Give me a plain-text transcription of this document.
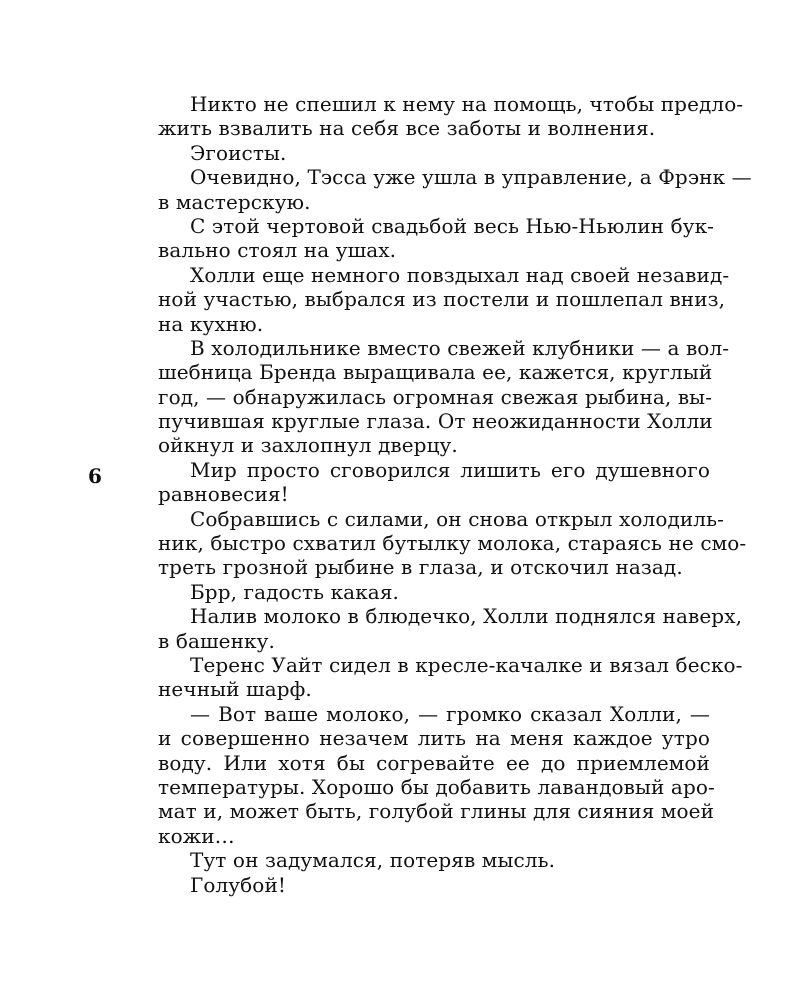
6
Никто не спешил к нему на помощь, чтобы предло-
жить взвалить на себя все заботы и волнения.
Эгоисты.
Очевидно, Тэсса уже ушла в управление, а Фрэнк —
в мастерскую.
С этой чертовой свадьбой весь Нью-Ньюлин бук-
вально стоял на ушах.
Холли еще немного повздыхал над своей незавид-
ной участью, выбрался из постели и пошлепал вниз,
на кухню.
В холодильнике вместо свежей клубники — а вол-
шебница Бренда выращивала ее, кажется, круглый
год, — обнаружилась огромная свежая рыбина, вы-
пучившая круглые глаза. От неожиданности Холли
ойкнул и захлопнул дверцу.
Мир просто сговорился лишить его душевного
равновесия!
Собравшись с силами, он снова открыл холодиль-
ник, быстро схватил бутылку молока, стараясь не смо-
треть грозной рыбине в глаза, и отскочил назад.
Брр, гадость какая.
Налив молоко в блюдечко, Холли поднялся наверх,
в башенку.
Теренс Уайт сидел в кресле-качалке и вязал беско-
нечный шарф.
— Вот ваше молоко, — громко сказал Холли, —
и совершенно незачем лить на меня каждое утро
воду. Или хотя бы согревайте ее до приемлемой
температуры. Хорошо бы добавить лавандовый аро-
мат и, может быть, голубой глины для сияния моей
кожи…
Тут он задумался, потеряв мысль.
Голубой!
